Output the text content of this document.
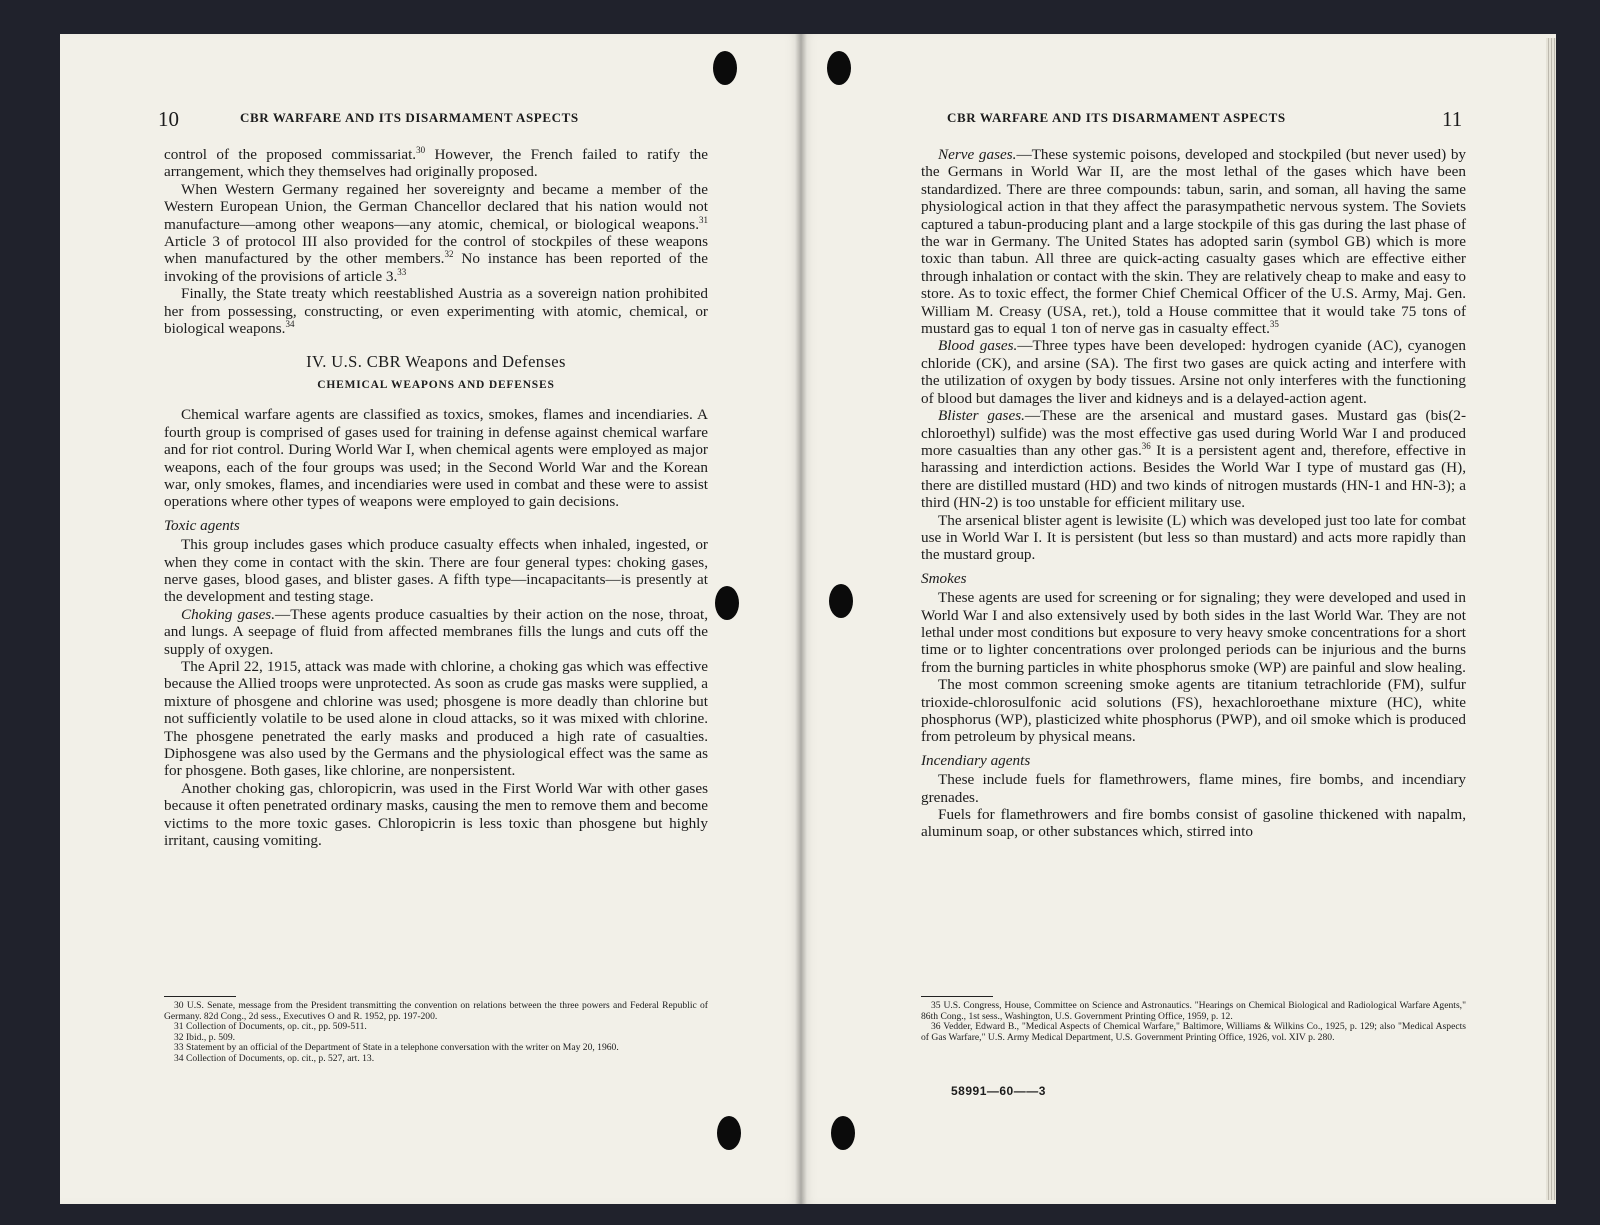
10	CBR WARFARE AND ITS DISARMAMENT ASPECTS

control of the proposed commissariat.$^{30}$ However, the French failed to ratify the arrangement, which they themselves had originally proposed.

When Western Germany regained her sovereignty and became a member of the Western European Union, the German Chancellor declared that his nation would not manufacture—among other weapons—any atomic, chemical, or biological weapons.$^{31}$ Article 3 of protocol III also provided for the control of stockpiles of these weapons when manufactured by the other members.$^{32}$ No instance has been reported of the invoking of the provisions of article 3.33

Finally, the State treaty which reestablished Austria as a sovereign nation prohibited her from possessing, constructing, or even experimenting with atomic, chemical, or biological weapons.$^{34}$

IV. U.S. CBR Weapons and Defenses
CHEMICAL WEAPONS AND DEFENSES

Chemical warfare agents are classified as toxics, smokes, flames and incendiaries. A fourth group is comprised of gases used for training in defense against chemical warfare and for riot control. During World War I, when chemical agents were employed as major weapons, each of the four groups was used; in the Second World War and the Korean war, only smokes, flames, and incendiaries were used in combat and these were to assist operations where other types of weapons were employed to gain decisions.

Toxic agents

This group includes gases which produce casualty effects when inhaled, ingested, or when they come in contact with the skin. There are four general types: choking gases, nerve gases, blood gases, and blister gases. A fifth type—incapacitants—is presently at the development and testing stage.

Choking gases.—These agents produce casualties by their action on the nose, throat, and lungs. A seepage of fluid from affected membranes fills the lungs and cuts off the supply of oxygen.

The April 22, 1915, attack was made with chlorine, a choking gas which was effective because the Allied troops were unprotected. As soon as crude gas masks were supplied, a mixture of phosgene and chlorine was used; phosgene is more deadly than chlorine but not sufficiently volatile to be used alone in cloud attacks, so it was mixed with chlorine. The phosgene penetrated the early masks and produced a high rate of casualties. Diphosgene was also used by the Germans and the physiological effect was the same as for phosgene. Both gases, like chlorine, are nonpersistent.

Another choking gas, chloropicrin, was used in the First World War with other gases because it often penetrated ordinary masks, causing the men to remove them and become victims to the more toxic gases. Chloropicrin is less toxic than phosgene but highly irritant, causing vomiting.

30 U.S. Senate, message from the President transmitting the convention on relations between the three powers and Federal Republic of Germany. 82d Cong., 2d sess., Executives O and R. 1952, pp. 197-200.

31 Collection of Documents, op. cit., pp. 509-511.

32 Ibid., p. 509.

33 Statement by an official of the Department of State in a telephone conversation with the writer on May 20, 1960.

34 Collection of Documents, op. cit., p. 527, art. 13.

CBR WARFARE AND ITS DISARMAMENT ASPECTS	11

Nerve gases.—These systemic poisons, developed and stockpiled (but never used) by the Germans in World War II, are the most lethal of the gases which have been standardized. There are three compounds: tabun, sarin, and soman, all having the same physiological action in that they affect the parasympathetic nervous system. The Soviets captured a tabun-producing plant and a large stockpile of this gas during the last phase of the war in Germany. The United States has adopted sarin (symbol GB) which is more toxic than tabun. All three are quick-acting casualty gases which are effective either through inhalation or contact with the skin. They are relatively cheap to make and easy to store. As to toxic effect, the former Chief Chemical Officer of the U.S. Army, Maj. Gen. William M. Creasy (USA, ret.), told a House committee that it would take 75 tons of mustard gas to equal 1 ton of nerve gas in casualty effect.$^{35}$

Blood gases.—Three types have been developed: hydrogen cyanide (AC), cyanogen chloride (CK), and arsine (SA). The first two gases are quick acting and interfere with the utilization of oxygen by body tissues. Arsine not only interferes with the functioning of blood but damages the liver and kidneys and is a delayed-action agent.

Blister gases.—These are the arsenical and mustard gases. Mustard gas (bis(2-chloroethyl) sulfide) was the most effective gas used during World War I and produced more casualties than any other gas.$^{36}$ It is a persistent agent and, therefore, effective in harassing and interdiction actions. Besides the World War I type of mustard gas (H), there are distilled mustard (HD) and two kinds of nitrogen mustards (HN-1 and HN-3); a third (HN-2) is too unstable for efficient military use.

The arsenical blister agent is lewisite (L) which was developed just too late for combat use in World War I. It is persistent (but less so than mustard) and acts more rapidly than the mustard group.

Smokes

These agents are used for screening or for signaling; they were developed and used in World War I and also extensively used by both sides in the last World War. They are not lethal under most conditions but exposure to very heavy smoke concentrations for a short time or to lighter concentrations over prolonged periods can be injurious and the burns from the burning particles in white phosphorus smoke (WP) are painful and slow healing.

The most common screening smoke agents are titanium tetrachloride (FM), sulfur trioxide-chlorosulfonic acid solutions (FS), hexachloroethane mixture (HC), white phosphorus (WP), plasticized white phosphorus (PWP), and oil smoke which is produced from petroleum by physical means.

Incendiary agents

These include fuels for flamethrowers, flame mines, fire bombs, and incendiary grenades.

Fuels for flamethrowers and fire bombs consist of gasoline thickened with napalm, aluminum soap, or other substances which, stirred into

35 U.S. Congress, House, Committee on Science and Astronautics. "Hearings on Chemical Biological and Radiological Warfare Agents," 86th Cong., 1st sess., Washington, U.S. Government Printing Office, 1959, p. 12.

36 Vedder, Edward B., "Medical Aspects of Chemical Warfare," Baltimore, Williams & Wilkins Co., 1925, p. 129; also "Medical Aspects of Gas Warfare," U.S. Army Medical Department, U.S. Government Printing Office, 1926, vol. XIV p. 280.

58991—60——3
